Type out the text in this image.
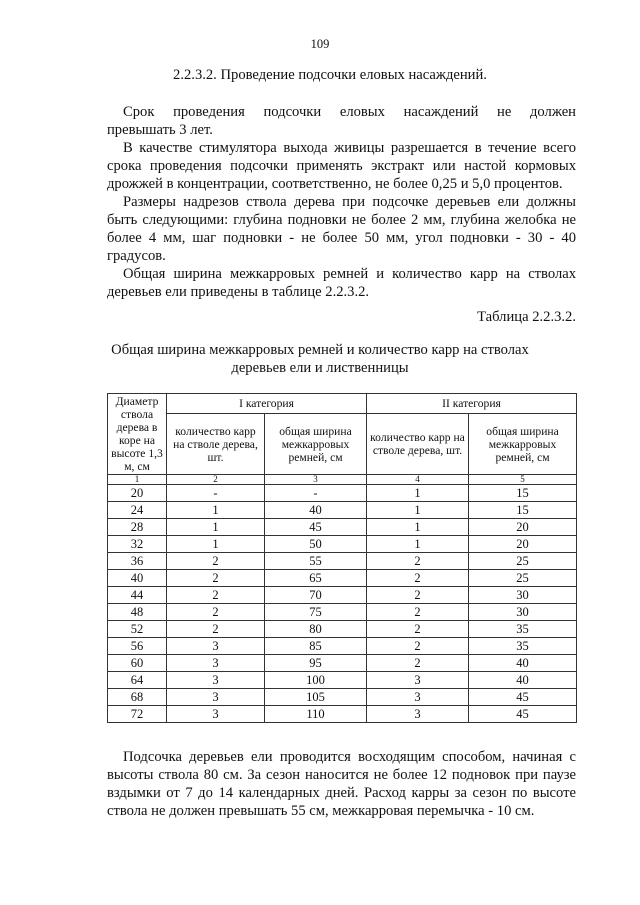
109
2.2.3.2. Проведение подсочки еловых насаждений.
Срок проведения подсочки еловых насаждений не должен
превышать 3 лет.
В качестве стимулятора выхода живицы разрешается в течение всего
срока проведения подсочки применять экстракт или настой кормовых
дрожжей в концентрации, соответственно, не более 0,25 и 5,0 процентов.
Размеры надрезов ствола дерева при подсочке деревьев ели должны
быть следующими: глубина подновки не более 2 мм, глубина желобка не
более 4 мм, шаг подновки - не более 50 мм, угол подновки - 30 - 40
градусов.
Общая ширина межкарровых ремней и количество карр на стволах
деревьев ели приведены в таблице 2.2.3.2.
Таблица 2.2.3.2.
Общая ширина межкарровых ремней и количество карр на стволах
деревьев ели и лиственницы
Диаметр ствола дерева в коре на высоте 1,3 м, см	I категория		II категория	
	количество карр на стволе дерева, шт.	общая ширина межкарровых ремней, см	количество карр на стволе дерева, шт.	общая ширина межкарровых ремней, см
1	2	3	4	5
20	-	-	1	15
24	1	40	1	15
28	1	45	1	20
32	1	50	1	20
36	2	55	2	25
40	2	65	2	25
44	2	70	2	30
48	2	75	2	30
52	2	80	2	35
56	3	85	2	35
60	3	95	2	40
64	3	100	3	40
68	3	105	3	45
72	3	110	3	45
Подсочка деревьев ели проводится восходящим способом, начиная с
высоты ствола 80 см. За сезон наносится не более 12 подновок при паузе
вздымки от 7 до 14 календарных дней. Расход карры за сезон по высоте
ствола не должен превышать 55 см, межкарровая перемычка - 10 см.
